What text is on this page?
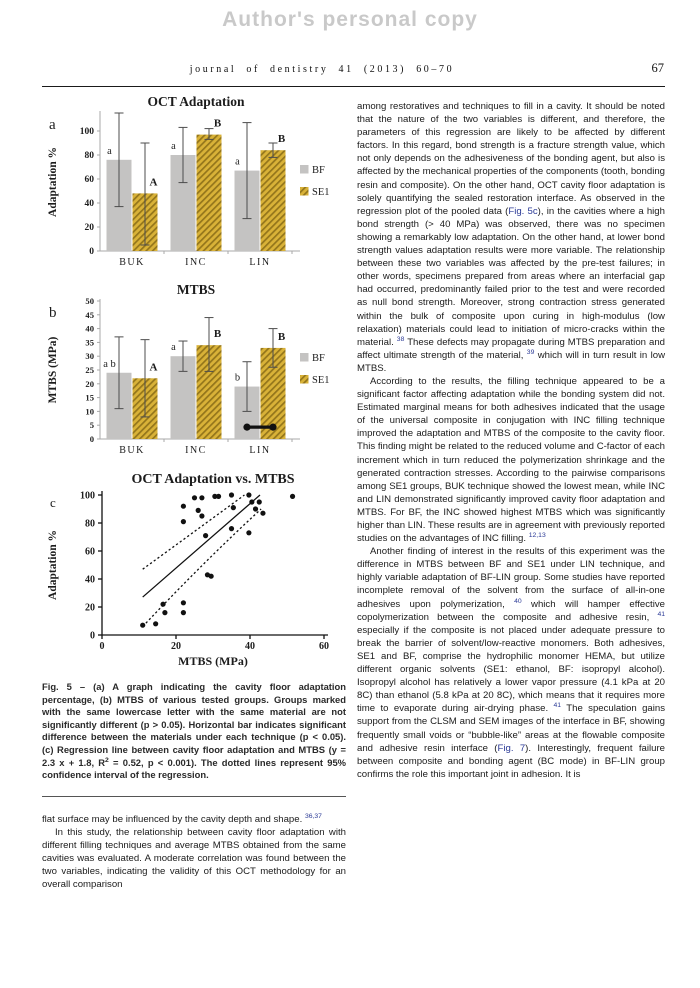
Author's personal copy
journal of dentistry 41 (2013) 60–70	67
OCT Adaptation
a
0
20
40
60
80
100
BUK
a
A
INC
a
B
LIN
a
B
BF
SE1
Adaptation %
MTBS
b
0
5
10
15
20
25
30
35
40
45
50
BUK
a b	A
INC
a
B
LIN
b
B
BF
SE1
MTBS (MPa)
OCT Adaptation vs. MTBS
c
0
20
40
60
80
100
0	20	40	60
MTBS (MPa)
Adaptation %
Fig. 5 – (a) A graph indicating the cavity floor adaptation percentage, (b) MTBS of various tested groups. Groups marked with the same lowercase letter with the same material are not significantly different (p > 0.05). Horizontal bar indicates significant difference between the materials under each technique (p < 0.05). (c) Regression line between cavity floor adaptation and MTBS (y = 2.3 x + 1.8, $R^2 = 0.52$, p < 0.001). The dotted lines represent 95% confidence interval of the regression.

flat surface may be influenced by the cavity depth and shape. $^{36,37}$

In this study, the relationship between cavity floor adaptation with different filling techniques and average MTBS obtained from the same cavities was evaluated. A moderate correlation was found between the two variables, indicating the validity of this OCT methodology for an overall comparison

among restoratives and techniques to fill in a cavity. It should be noted that the nature of the two variables is different, and therefore, the parameters of this regression are likely to be affected by different factors. In this regard, bond strength is a fracture strength value, which not only depends on the adhesiveness of the bonding agent, but also is affected by the mechanical properties of the components (tooth, bonding resin and composite). On the other hand, OCT cavity floor adaptation is solely quantifying the sealed restoration interface. As observed in the regression plot of the pooled data (Fig. 5c), in the cavities where a high bond strength (> 40 MPa) was observed, there was no specimen showing a remarkably low adaptation. On the other hand, at lower bond strength values adaptation results were more variable. The relationship between these two variables was affected by the pre-test failures; in other words, specimens prepared from areas where an interfacial gap had occurred, predominantly failed prior to the test and were recorded as null bond strength. Moreover, strong contraction stress generated within the bulk of composite upon curing in high-modulus (low relaxation) materials could lead to initiation of micro-cracks within the material. $^{38}$ These defects may propagate during MTBS preparation and affect ultimate strength of the material, $^{39}$ which will in turn result in low MTBS.

According to the results, the filling technique appeared to be a significant factor affecting adaptation while the bonding system did not. Estimated marginal means for both adhesives indicated that the usage of the universal composite in conjugation with INC filling technique improved the adaptation and MTBS of the composite to the cavity floor. This finding might be related to the reduced volume and C-factor of each increment which in turn reduced the polymerization shrinkage and the generated contraction stresses. According to the pairwise comparisons among SE1 groups, BUK technique showed the lowest mean, while INC and LIN demonstrated significantly improved cavity floor adaptation and MTBS. For BF, the INC showed highest MTBS which was significantly higher than LIN. These results are in agreement with previously reported studies on the advantages of INC filling. $^{12,13}$

Another finding of interest in the results of this experiment was the difference in MTBS between BF and SE1 under LIN technique, and highly variable adaptation of BF-LIN group. Some studies have reported incomplete removal of the solvent from the surface of all-in-one adhesives upon polymerization, $^{40}$ which will hamper effective copolymerization between the composite and adhesive resin, $^{41}$ especially if the composite is not placed under adequate pressure to break the barrier of solvent/low-reactive monomers. Both adhesives, SE1 and BF, comprise the hydrophilic monomer HEMA, but utilize different organic solvents (SE1: ethanol, BF: isopropyl alcohol). Isopropyl alcohol has relatively a lower vapor pressure (4.1 kPa at 20 8C) than ethanol (5.8 kPa at 20 8C), which means that it requires more time to evaporate during air-drying phase. $^{41}$ The speculation gains support from the CLSM and SEM images of the interface in BF, showing frequently small voids or “bubble-like” areas at the flowable composite and adhesive resin interface (Fig. 7). Interestingly, frequent failure between composite and bonding agent (BC mode) in BF-LIN group confirms the role this important joint in adhesion. It is
